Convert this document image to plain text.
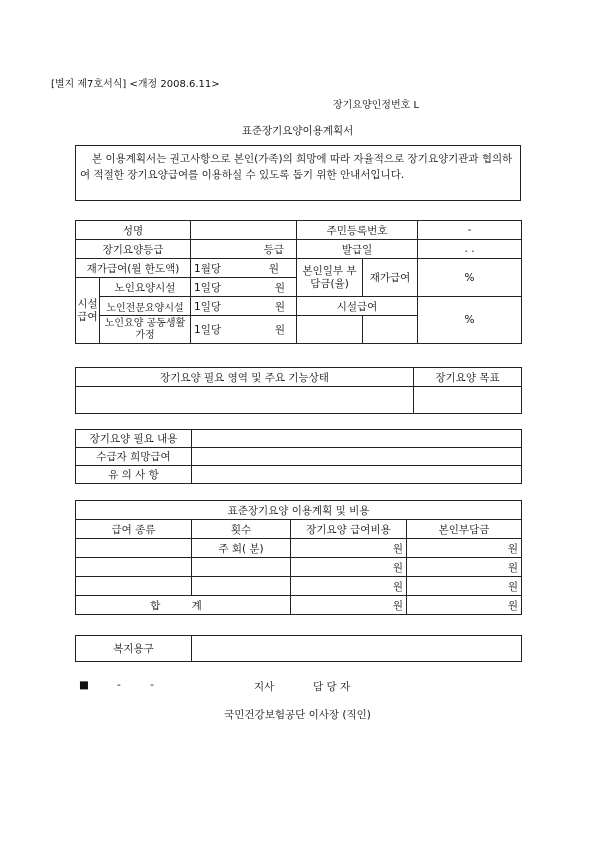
[별지 제7호서식] <개정 2008.6.11>
장기요양인정번호 L
표준장기요양이용계획서
본 이용계획서는 권고사항으로 본인(가족)의 희망에 따라 자율적으로 장기요양기관과 협의하여 적절한 장기요양급여를 이용하실 수 있도록 돕기 위한 안내서입니다.
성명			주민등록번호		-
장기요양등급		등급	발급일		. .
재가급여(월 한도액)		1월당 원	본인일부 부담금(율)	재가급여	%
시설 급여	노인요양시설	1일당 원			

	노인전문요양시설	1일당 원	시설급여		%
	노인요양 공동생활가정	1일당 원			

장기요양 필요 영역 및 주요 기능상태	장기요양 목표

장기요양 필요 내용	
수급자 희망급여	
유 의 사 항	
표준장기요양 이용계획 및 비용			
급여 종류	횟수	장기요양 급여비용	본인부담금
	주 회( 분)	원	원
		원	원
		원	원
합 계		원	원
복지용구	
■	- -	지사	담 당 자
국민건강보험공단 이사장 (직인)
